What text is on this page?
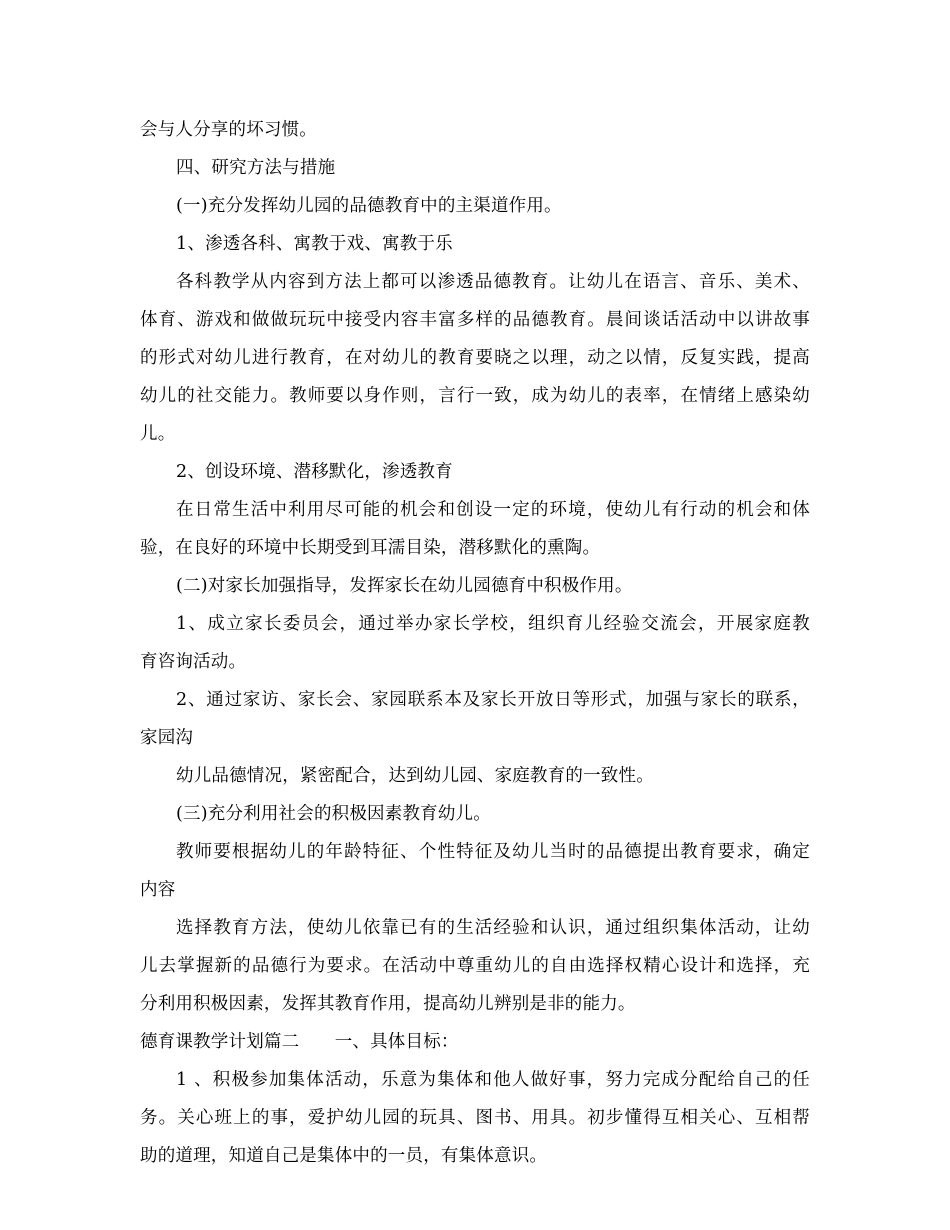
会与人分享的坏习惯。
四、研究方法与措施
(一)充分发挥幼儿园的品德教育中的主渠道作用。
1、渗透各科、寓教于戏、寓教于乐
各科教学从内容到方法上都可以渗透品德教育。让幼儿在语言、音乐、美术、
体育、游戏和做做玩玩中接受内容丰富多样的品德教育。晨间谈话活动中以讲故事
的形式对幼儿进行教育，在对幼儿的教育要晓之以理，动之以情，反复实践，提高
幼儿的社交能力。教师要以身作则，言行一致，成为幼儿的表率，在情绪上感染幼
儿。
2、创设环境、潜移默化，渗透教育
在日常生活中利用尽可能的机会和创设一定的环境，使幼儿有行动的机会和体
验，在良好的环境中长期受到耳濡目染，潜移默化的熏陶。
(二)对家长加强指导，发挥家长在幼儿园德育中积极作用。
1、成立家长委员会，通过举办家长学校，组织育儿经验交流会，开展家庭教
育咨询活动。
2、通过家访、家长会、家园联系本及家长开放日等形式，加强与家长的联系，
家园沟
幼儿品德情况，紧密配合，达到幼儿园、家庭教育的一致性。
(三)充分利用社会的积极因素教育幼儿。
教师要根据幼儿的年龄特征、个性特征及幼儿当时的品德提出教育要求，确定
内容
选择教育方法，使幼儿依靠已有的生活经验和认识，通过组织集体活动，让幼
儿去掌握新的品德行为要求。在活动中尊重幼儿的自由选择权精心设计和选择，充
分利用积极因素，发挥其教育作用，提高幼儿辨别是非的能力。
德育课教学计划篇二　　一、具体目标：
1 、积极参加集体活动，乐意为集体和他人做好事，努力完成分配给自己的任
务。关心班上的事，爱护幼儿园的玩具、图书、用具。初步懂得互相关心、互相帮
助的道理，知道自己是集体中的一员，有集体意识。
